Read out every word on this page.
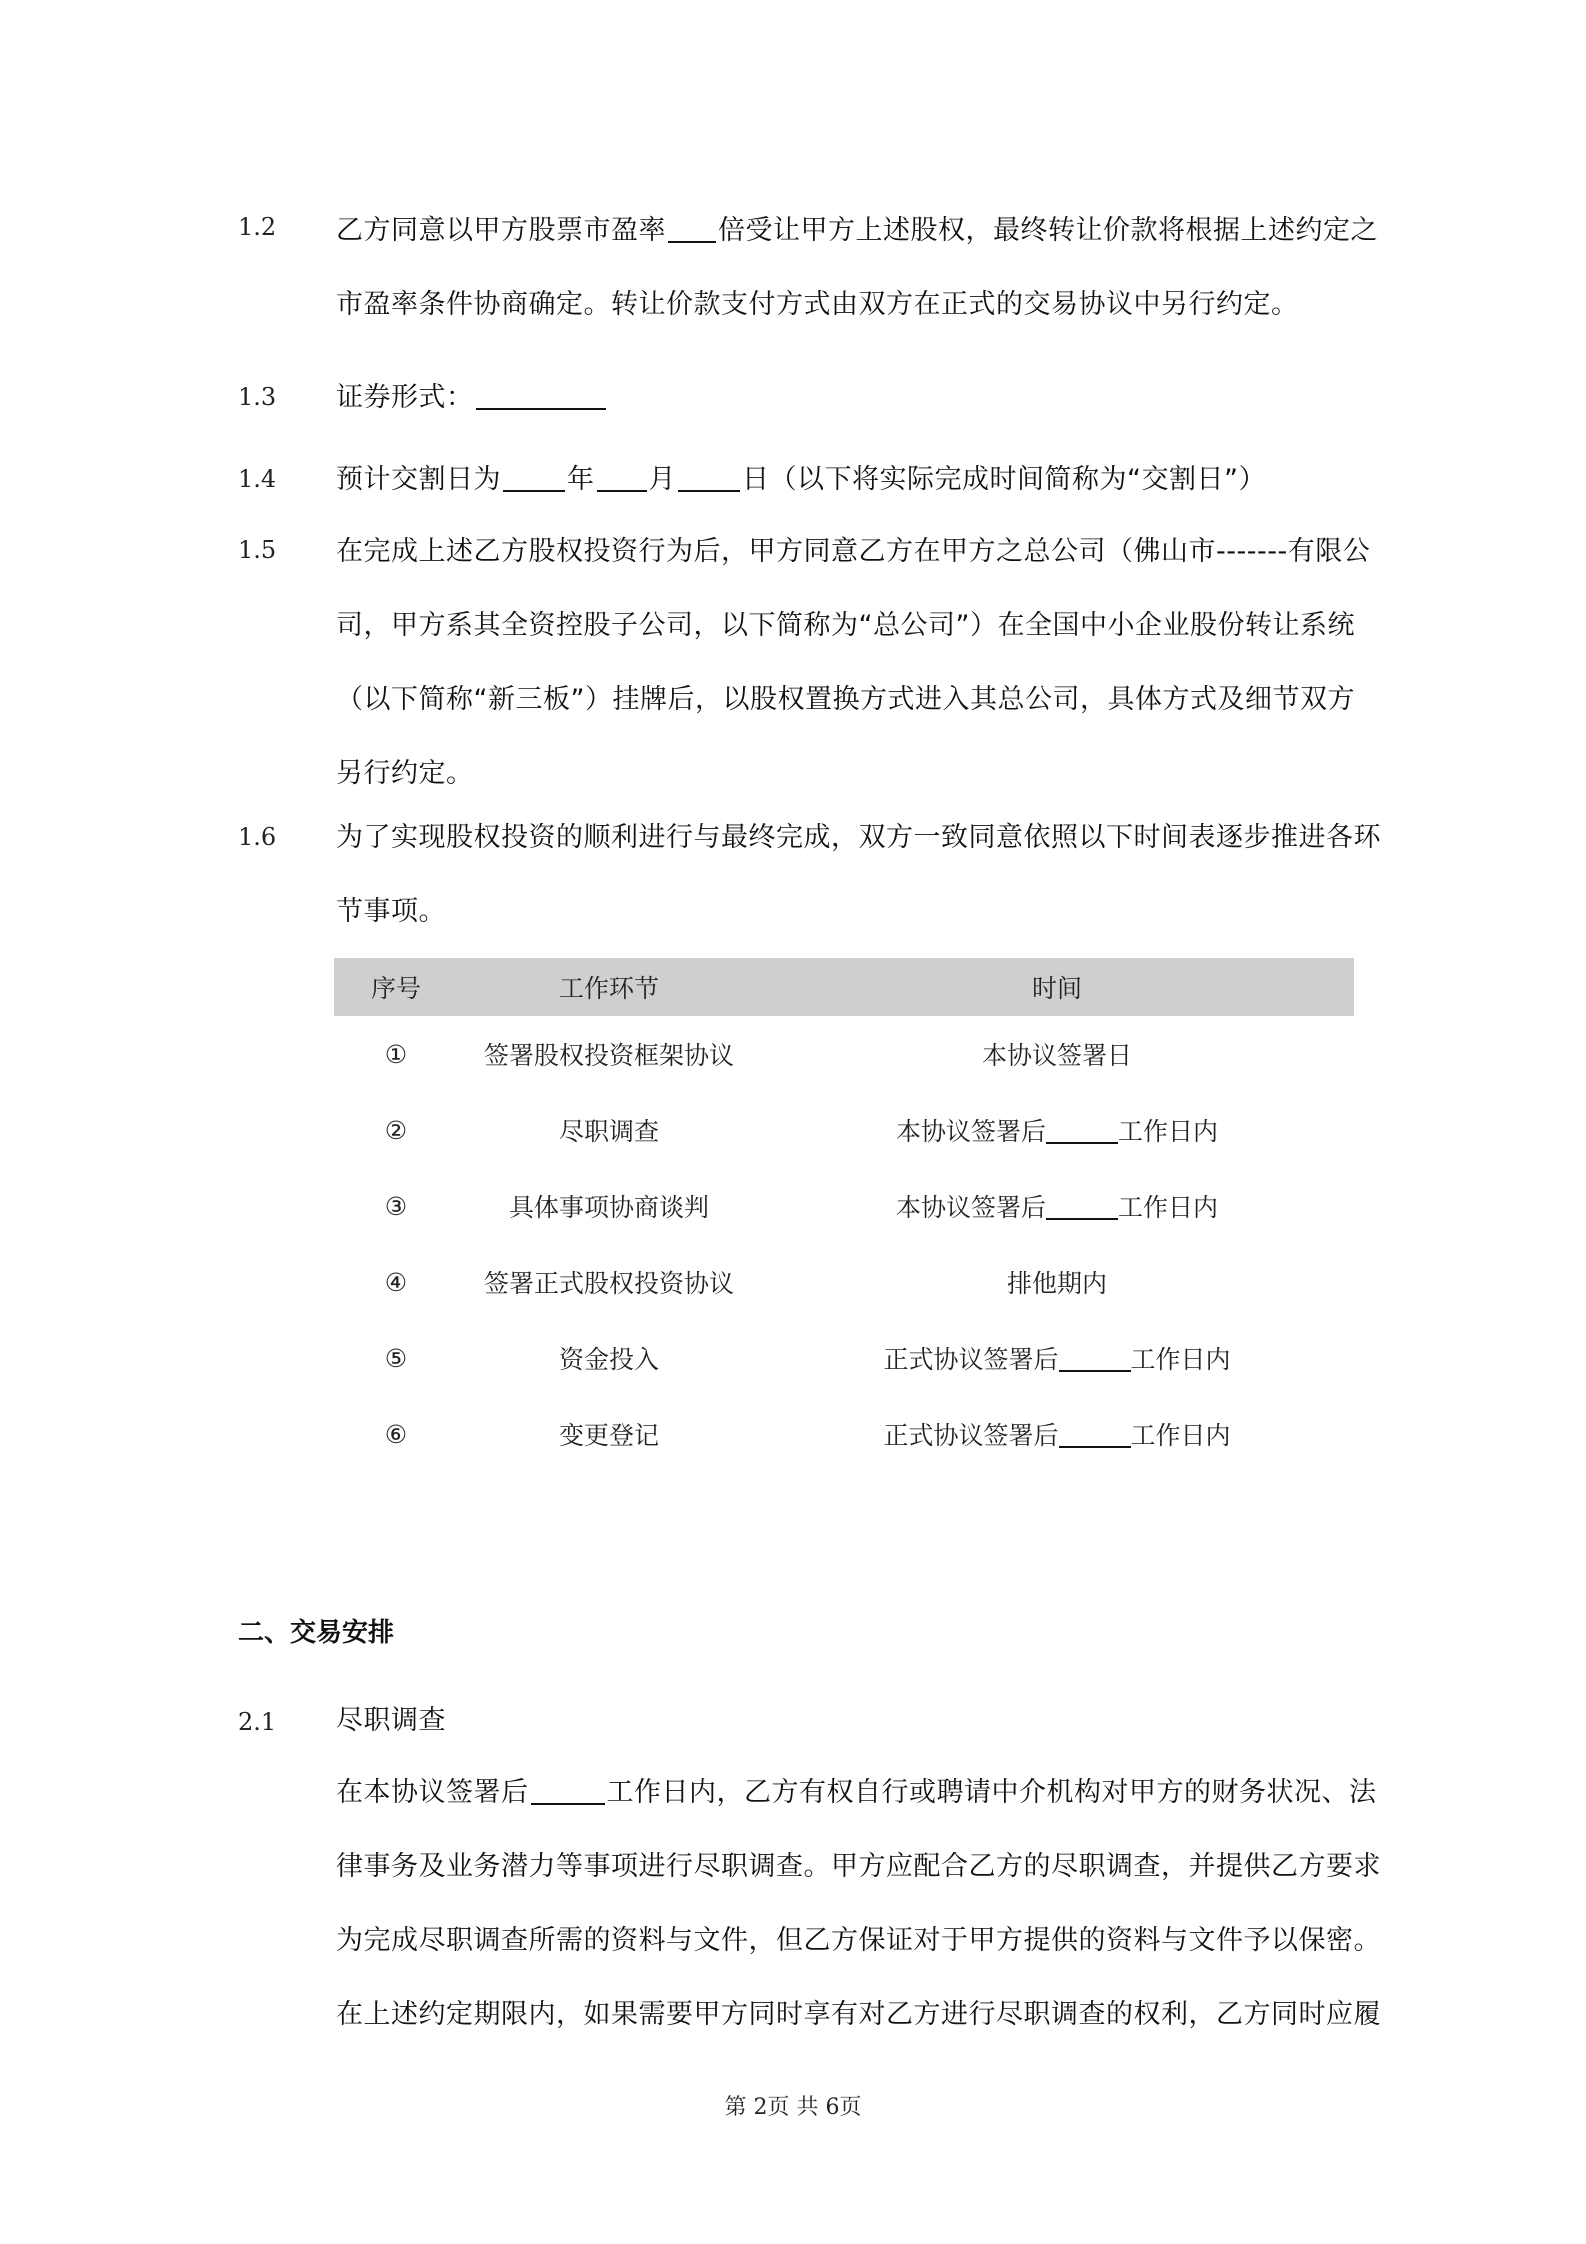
1.2	乙方同意以甲方股票市盈率 倍受让甲方上述股权，最终转让价款将根据上述约定之
市盈率条件协商确定。转让价款支付方式由双方在正式的交易协议中另行约定。
1.3	证券形式：
1.4	预计交割日为 年 月 日（以下将实际完成时间简称为“交割日”）
1.5	在完成上述乙方股权投资行为后，甲方同意乙方在甲方之总公司（佛山市-------有限公
司，甲方系其全资控股子公司，以下简称为“总公司”）在全国中小企业股份转让系统
（以下简称“新三板”）挂牌后，以股权置换方式进入其总公司，具体方式及细节双方
另行约定。
1.6	为了实现股权投资的顺利进行与最终完成，双方一致同意依照以下时间表逐步推进各环
节事项。
序号	工作环节	时间
①	签署股权投资框架协议	本协议签署日
②	尽职调查	本协议签署后 工作日内
③	具体事项协商谈判	本协议签署后 工作日内
④	签署正式股权投资协议	排他期内
⑤	资金投入	正式协议签署后 工作日内
⑥	变更登记	正式协议签署后 工作日内
二、交易安排
2.1	尽职调查
在本协议签署后	工作日内，乙方有权自行或聘请中介机构对甲方的财务状况、法
律事务及业务潜力等事项进行尽职调查。甲方应配合乙方的尽职调查，并提供乙方要求
为完成尽职调查所需的资料与文件，但乙方保证对于甲方提供的资料与文件予以保密。
在上述约定期限内，如果需要甲方同时享有对乙方进行尽职调查的权利，乙方同时应履
第 2页 共 6页
